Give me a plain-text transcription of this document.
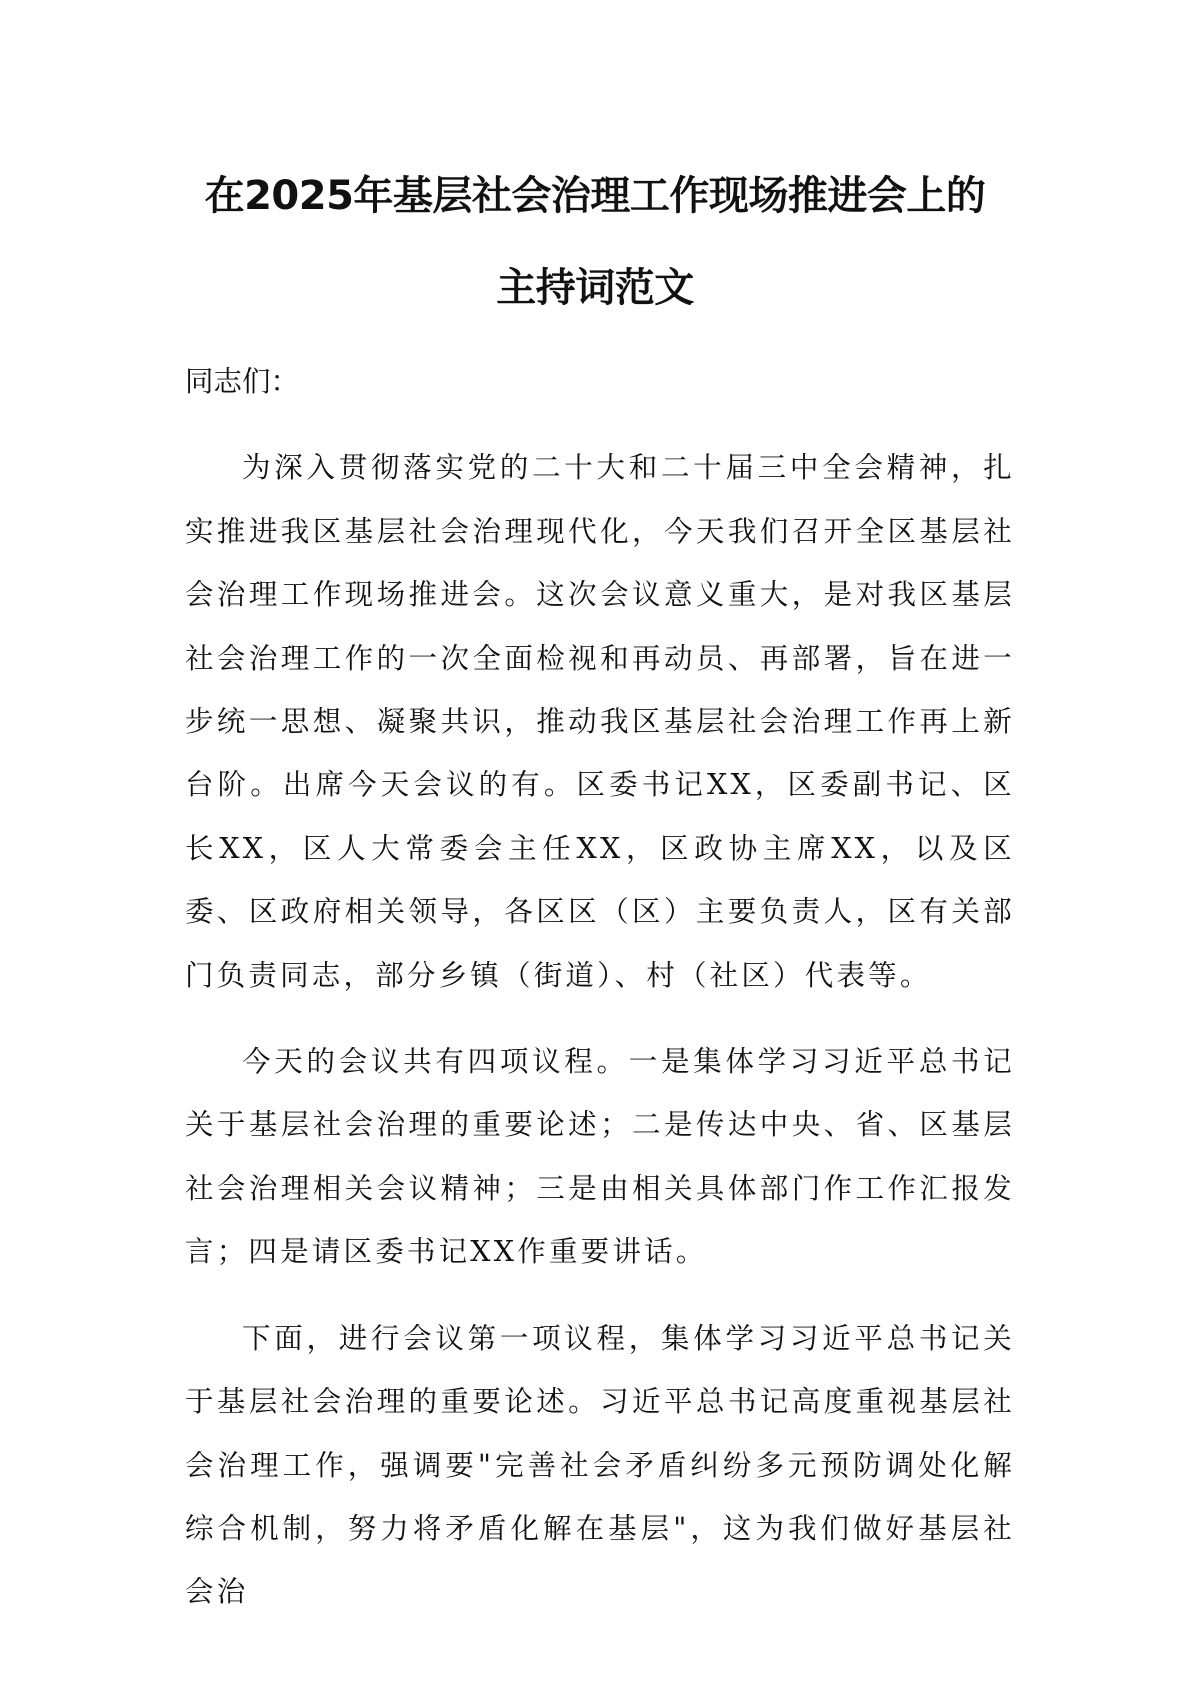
在2025年基层社会治理工作现场推进会上的
主持词范文

同志们：

为深入贯彻落实党的二十大和二十届三中全会精神，扎实推进我区基层社会治理现代化，今天我们召开全区基层社会治理工作现场推进会。这次会议意义重大，是对我区基层社会治理工作的一次全面检视和再动员、再部署，旨在进一步统一思想、凝聚共识，推动我区基层社会治理工作再上新台阶。出席今天会议的有。区委书记XX，区委副书记、区长XX，区人大常委会主任XX，区政协主席XX，以及区委、区政府相关领导，各区区（区）主要负责人，区有关部门负责同志，部分乡镇（街道）、村（社区）代表等。

今天的会议共有四项议程。一是集体学习习近平总书记关于基层社会治理的重要论述；二是传达中央、省、区基层社会治理相关会议精神；三是由相关具体部门作工作汇报发言；四是请区委书记XX作重要讲话。

下面，进行会议第一项议程，集体学习习近平总书记关于基层社会治理的重要论述。习近平总书记高度重视基层社会治理工作，强调要"完善社会矛盾纠纷多元预防调处化解综合机制，努力将矛盾化解在基层"，这为我们做好基层社会治
